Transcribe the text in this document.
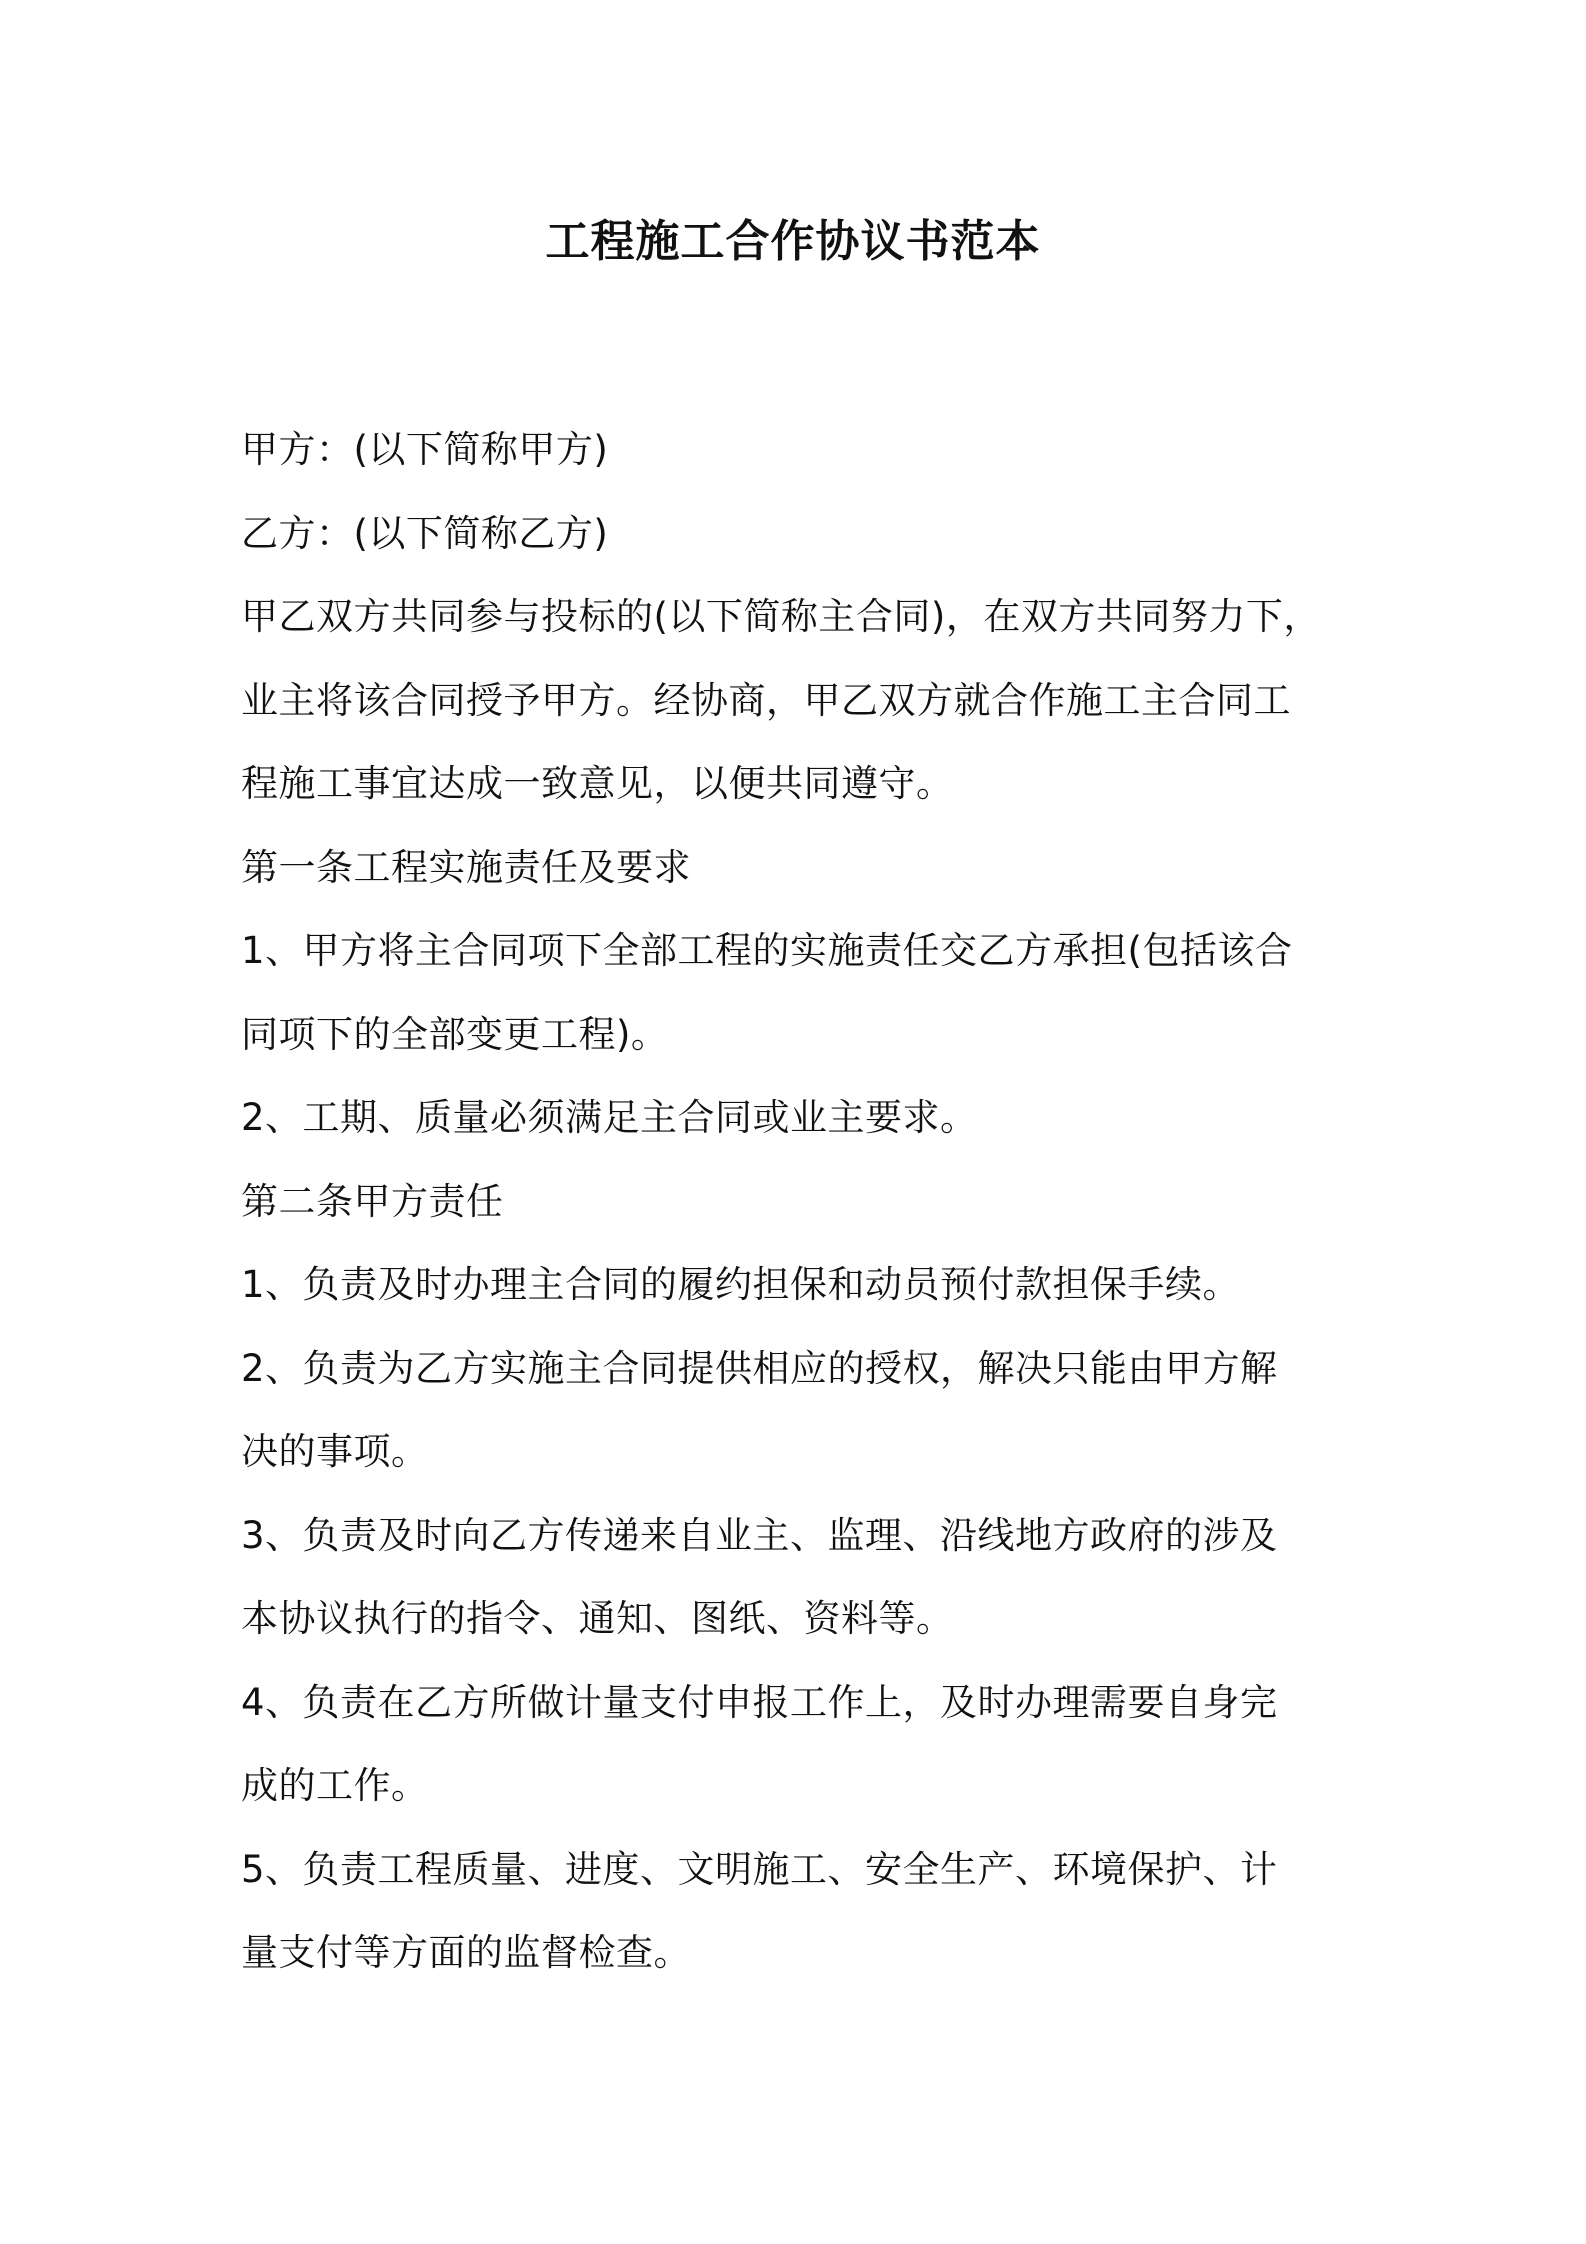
工程施工合作协议书范本

甲方：(以下简称甲方)

乙方：(以下简称乙方)

甲乙双方共同参与投标的(以下简称主合同)，在双方共同努力下，

业主将该合同授予甲方。经协商，甲乙双方就合作施工主合同工

程施工事宜达成一致意见，以便共同遵守。

第一条工程实施责任及要求

1、甲方将主合同项下全部工程的实施责任交乙方承担(包括该合

同项下的全部变更工程)。

2、工期、质量必须满足主合同或业主要求。

第二条甲方责任

1、负责及时办理主合同的履约担保和动员预付款担保手续。

2、负责为乙方实施主合同提供相应的授权，解决只能由甲方解

决的事项。

3、负责及时向乙方传递来自业主、监理、沿线地方政府的涉及

本协议执行的指令、通知、图纸、资料等。

4、负责在乙方所做计量支付申报工作上，及时办理需要自身完

成的工作。

5、负责工程质量、进度、文明施工、安全生产、环境保护、计

量支付等方面的监督检查。
